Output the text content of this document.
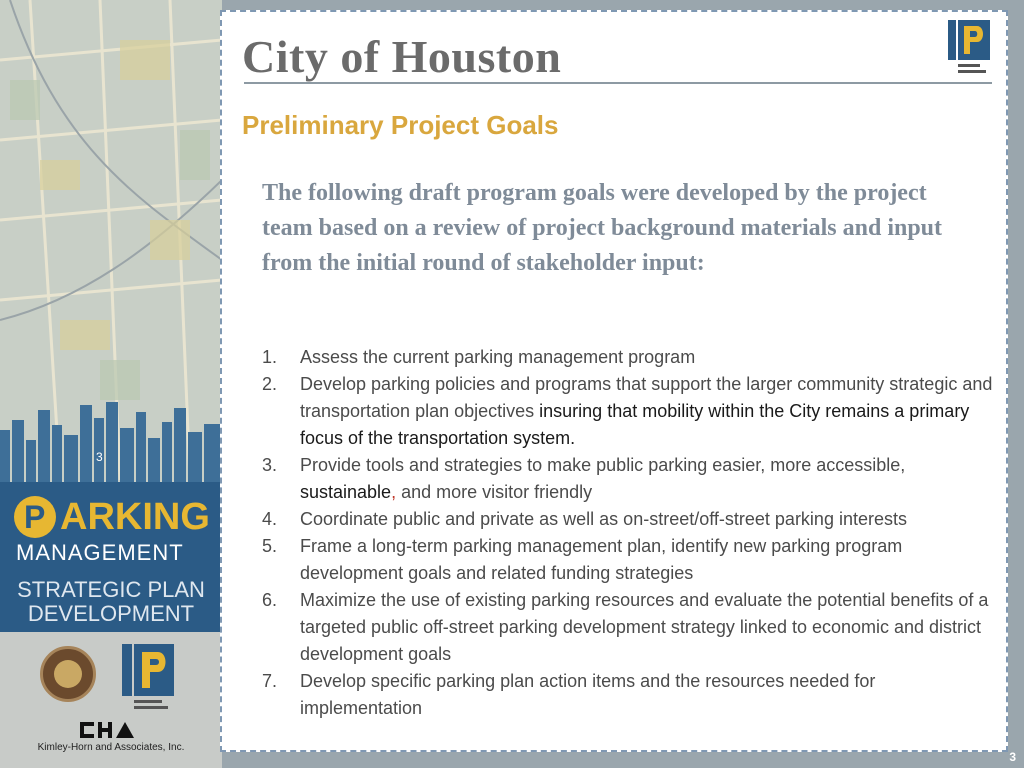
3
P ARKING
MANAGEMENT
STRATEGIC PLAN
DEVELOPMENT
Kimley-Horn and Associates, Inc.
City of Houston
Preliminary Project Goals

The following draft program goals were developed by the project team based on a review of project background materials and input from the initial round of stakeholder input:

1. Assess the current parking management program
2. Develop parking policies and programs that support the larger community strategic and transportation plan objectives insuring that mobility within the City remains a primary focus of the transportation system.
3. Provide tools and strategies to make public parking easier, more accessible, sustainable, and more visitor friendly
4. Coordinate public and private as well as on-street/off-street parking interests
5. Frame a long-term parking management plan, identify new parking program development goals and related funding strategies
6. Maximize the use of existing parking resources and evaluate the potential benefits of a targeted public off-street parking development strategy linked to economic and district development goals
7. Develop specific parking plan action items and the resources needed for implementation
3
